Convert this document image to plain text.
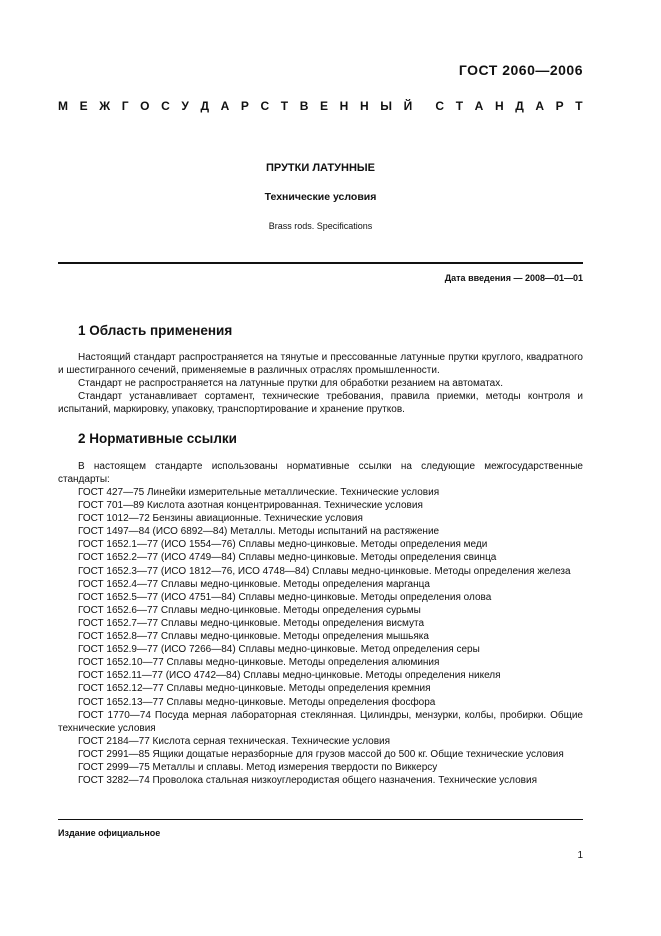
ГОСТ 2060—2006
М Е Ж Г О С У Д А Р С Т В Е Н Н Ы Й С Т А Н Д А Р Т
ПРУТКИ ЛАТУННЫЕ
Технические условия
Brass rods. Specifications
Дата введения — 2008—01—01
1 Область применения
Настоящий стандарт распространяется на тянутые и прессованные латунные прутки круглого, квадратного и шестигранного сечений, применяемые в различных отраслях промышленности.
Стандарт не распространяется на латунные прутки для обработки резанием на автоматах.
Стандарт устанавливает сортамент, технические требования, правила приемки, методы контроля и испытаний, маркировку, упаковку, транспортирование и хранение прутков.
2 Нормативные ссылки
В настоящем стандарте использованы нормативные ссылки на следующие межгосударственные стандарты:
ГОСТ 427—75 Линейки измерительные металлические. Технические условия
ГОСТ 701—89 Кислота азотная концентрированная. Технические условия
ГОСТ 1012—72 Бензины авиационные. Технические условия
ГОСТ 1497—84 (ИСО 6892—84) Металлы. Методы испытаний на растяжение
ГОСТ 1652.1—77 (ИСО 1554—76) Сплавы медно-цинковые. Методы определения меди
ГОСТ 1652.2—77 (ИСО 4749—84) Сплавы медно-цинковые. Методы определения свинца
ГОСТ 1652.3—77 (ИСО 1812—76, ИСО 4748—84) Сплавы медно-цинковые. Методы определения железа
ГОСТ 1652.4—77 Сплавы медно-цинковые. Методы определения марганца
ГОСТ 1652.5—77 (ИСО 4751—84) Сплавы медно-цинковые. Методы определения олова
ГОСТ 1652.6—77 Сплавы медно-цинковые. Методы определения сурьмы
ГОСТ 1652.7—77 Сплавы медно-цинковые. Методы определения висмута
ГОСТ 1652.8—77 Сплавы медно-цинковые. Методы определения мышьяка
ГОСТ 1652.9—77 (ИСО 7266—84) Сплавы медно-цинковые. Метод определения серы
ГОСТ 1652.10—77 Сплавы медно-цинковые. Методы определения алюминия
ГОСТ 1652.11—77 (ИСО 4742—84) Сплавы медно-цинковые. Методы определения никеля
ГОСТ 1652.12—77 Сплавы медно-цинковые. Методы определения кремния
ГОСТ 1652.13—77 Сплавы медно-цинковые. Методы определения фосфора
ГОСТ 1770—74 Посуда мерная лабораторная стеклянная. Цилиндры, мензурки, колбы, пробирки. Общие технические условия
ГОСТ 2184—77 Кислота серная техническая. Технические условия
ГОСТ 2991—85 Ящики дощатые неразборные для грузов массой до 500 кг. Общие технические условия
ГОСТ 2999—75 Металлы и сплавы. Метод измерения твердости по Виккерсу
ГОСТ 3282—74 Проволока стальная низкоуглеродистая общего назначения. Технические условия
Издание официальное
1
